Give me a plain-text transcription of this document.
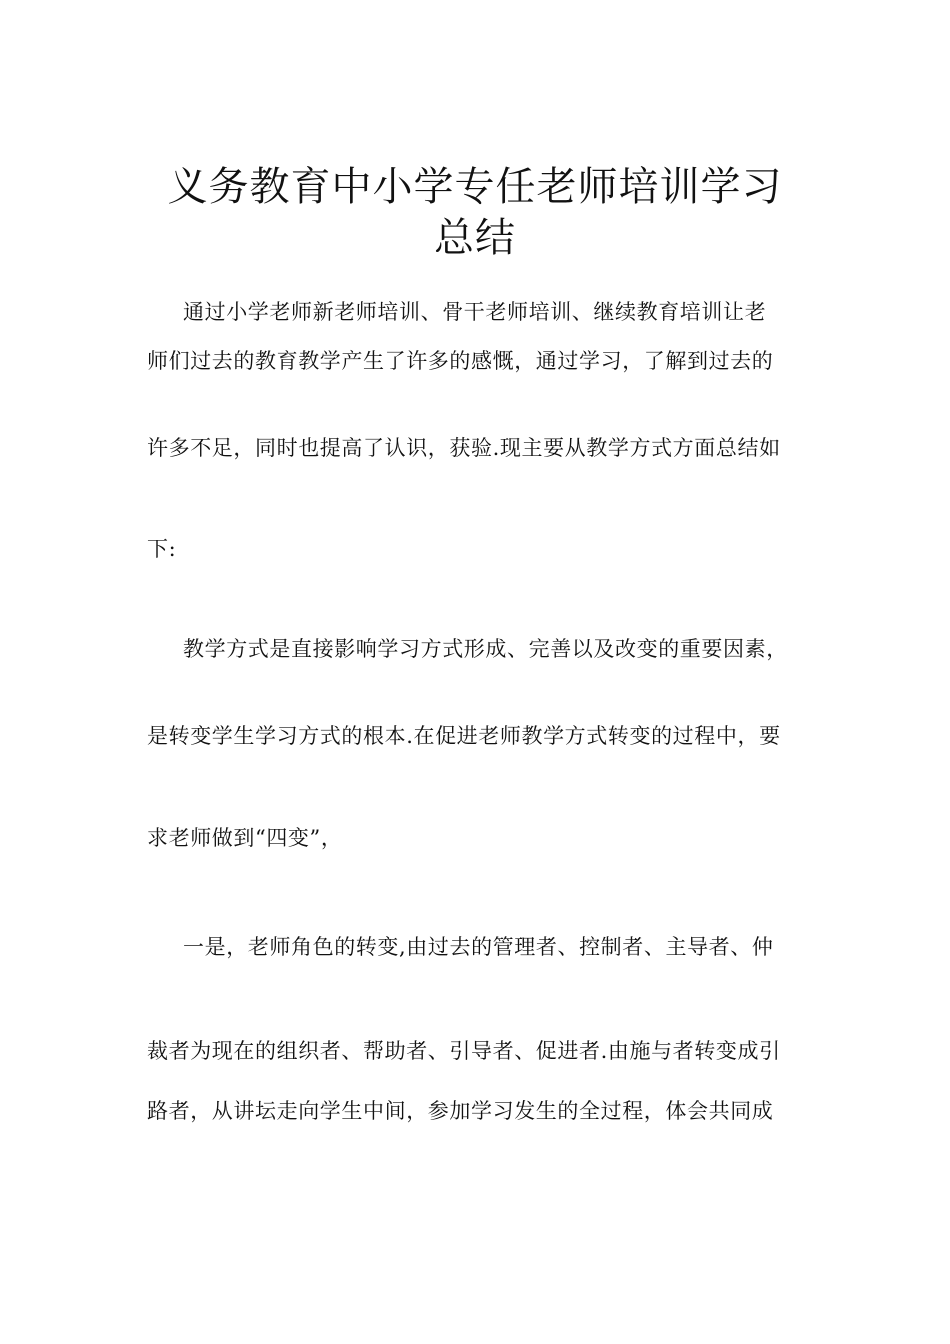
义务教育中小学专任老师培训学习
总结
通过小学老师新老师培训、骨干老师培训、继续教育培训让老
师们过去的教育教学产生了许多的感慨，通过学习，了解到过去的
许多不足，同时也提高了认识，获验.现主要从教学方式方面总结如
下:
教学方式是直接影响学习方式形成、完善以及改变的重要因素，
是转变学生学习方式的根本.在促进老师教学方式转变的过程中，要
求老师做到“四变”，
一是，老师角色的转变,由过去的管理者、控制者、主导者、仲
裁者为现在的组织者、帮助者、引导者、促进者.由施与者转变成引
路者，从讲坛走向学生中间，参加学习发生的全过程，体会共同成
